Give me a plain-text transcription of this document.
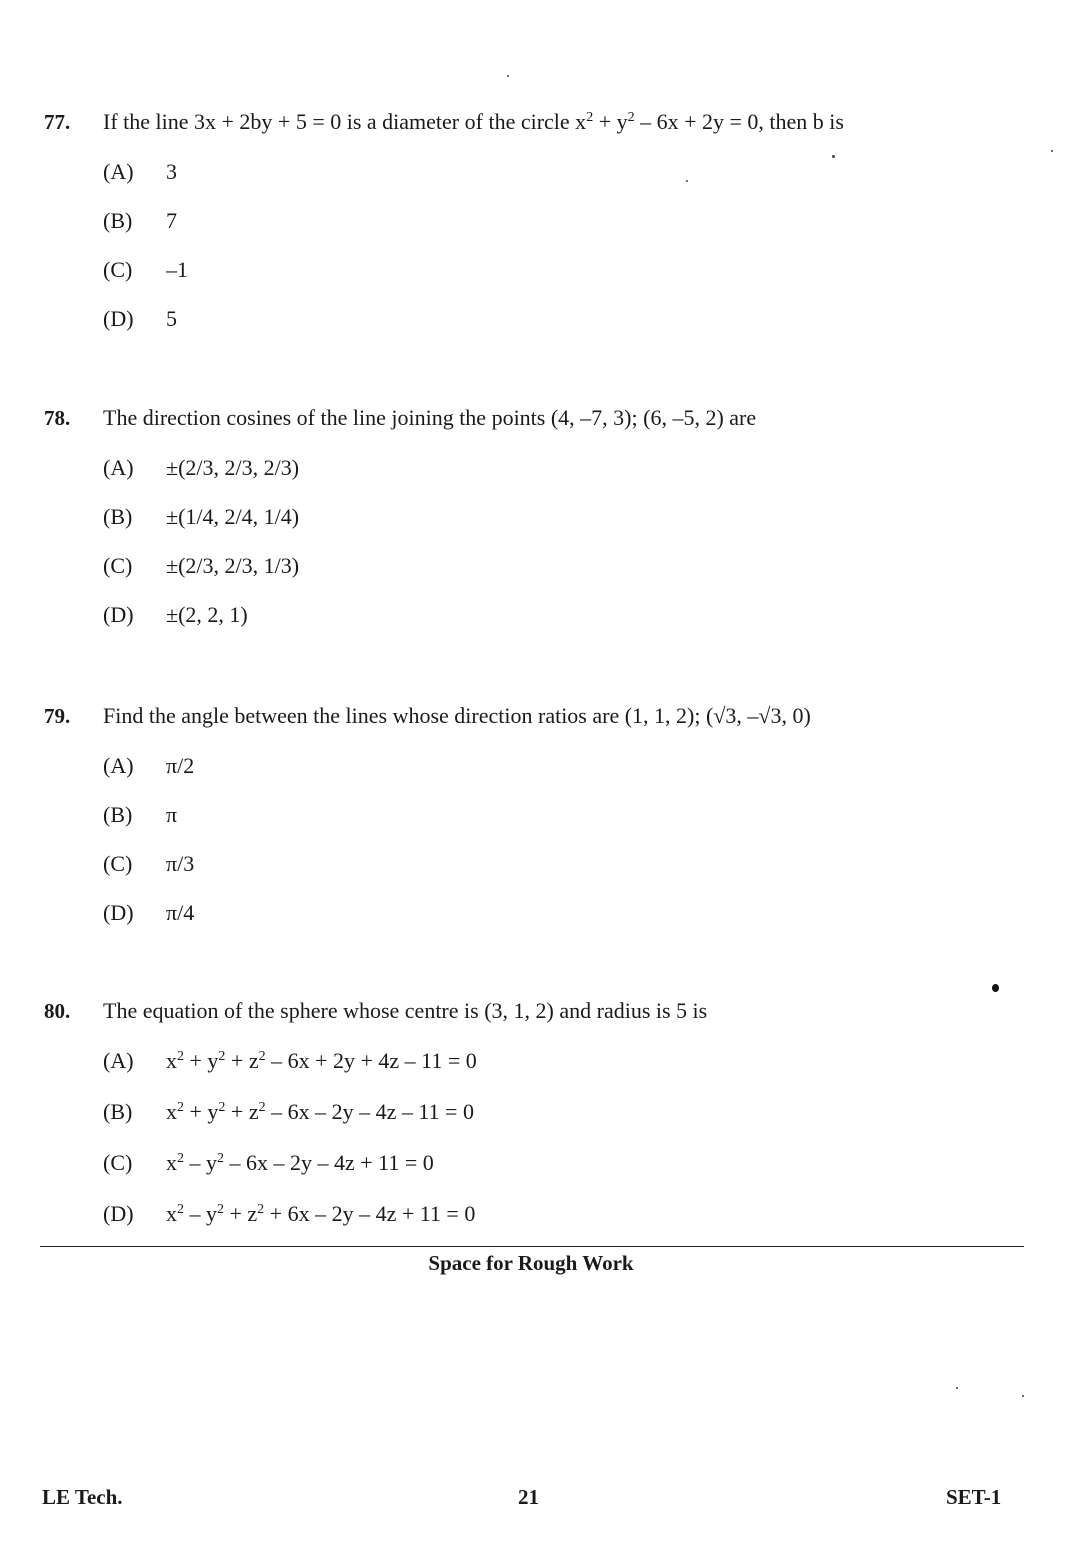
77. If the line 3x + 2by + 5 = 0 is a diameter of the circle $x^2 + y^2 - 6x + 2y = 0$, then b is
(A) 3
(B) 7
(C) –1
(D) 5
78. The direction cosines of the line joining the points (4, –7, 3); (6, –5, 2) are
(A) ±(2/3, 2/3, 2/3)
(B) ±(1/4, 2/4, 1/4)
(C) ±(2/3, 2/3, 1/3)
(D) ±(2, 2, 1)
79. Find the angle between the lines whose direction ratios are (1, 1, 2); (√3, –√3, 0)
(A) π/2
(B) π
(C) π/3
(D) π/4
80. The equation of the sphere whose centre is (3, 1, 2) and radius is 5 is
(A) $x^2 + y^2 + z^2 - 6x + 2y + 4z - 11 = 0$
(B) $x^2 + y^2 + z^2 - 6x - 2y - 4z - 11 = 0$
(C) $x^2 - y^2 - 6x - 2y - 4z + 11 = 0$
(D) $x^2 - y^2 + z^2 + 6x - 2y - 4z + 11 = 0$
Space for Rough Work
LE Tech.	21	SET-1
